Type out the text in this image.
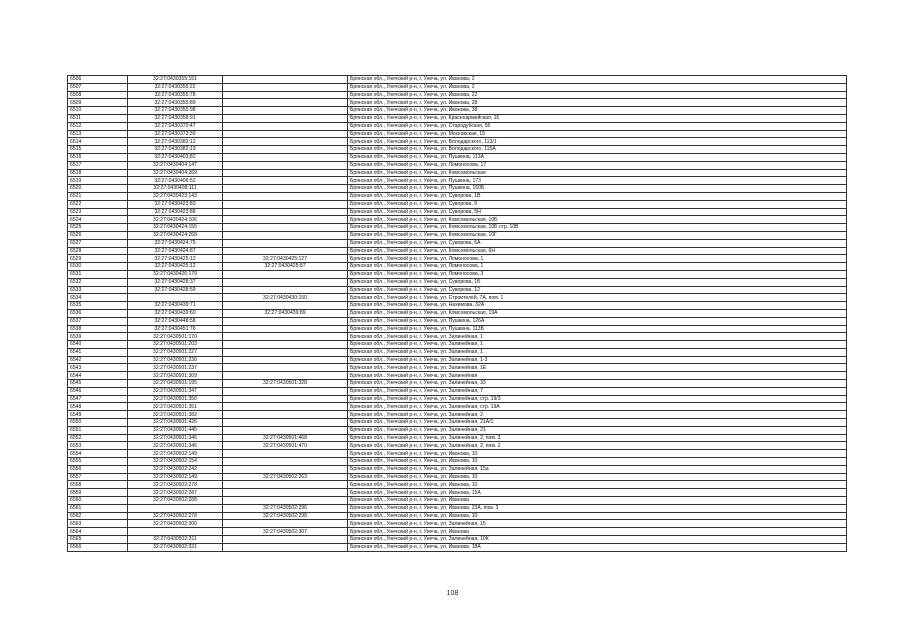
6506	32:27:0430355:151		Брянская обл., Унечский р-н, г. Унеча, ул. Иванова, 2
6507	32:27:0430355:22		Брянская обл., Унечский р-н, г. Унеча, ул. Иванова, 2
6508	32:27:0430355:78		Брянская обл., Унечский р-н, г. Унеча, ул. Иванова, 22
6509	32:27:0430355:89		Брянская обл., Унечский р-н, г. Унеча, ул. Иванова, 28
6510	32:27:0430355:98		Брянская обл., Унечский р-н, г. Унеча, ул. Иванова, 38
6511	32:27:0430358:91		Брянская обл., Унечский р-н, г. Унеча, ул. Красноармейская, 16
6512	32:27:0430370:47		Брянская обл., Унечский р-н, г. Унеча, ул. Стародубская, 56
6513	32:27:0430373:39		Брянская обл., Унечский р-н, г. Унеча, ул. Московская, 15
6514	32:27:0430382:12		Брянская обл., Унечский р-н, г. Унеча, ул. Володарского, 113/1
6515	32:27:0430382:19		Брянская обл., Унечский р-н, г. Унеча, ул. Володарского, 115А
6516	32:27:0430403:82		Брянская обл., Унечский р-н, г. Унеча, ул. Пушкина, 113А
6517	32:27:0430404:147		Брянская обл., Унечский р-н, г. Унеча, ул. Ломоносова, 17
6518	32:27:0430404:269		Брянская обл., Унечский р-н, г. Унеча, ул. Комсомольская
6519	32:27:0430406:52		Брянская обл., Унечский р-н, г. Унеча, ул. Пушкина, 173
6520	32:27:0430408:111		Брянская обл., Унечский р-н, г. Унеча, ул. Пушкина, 150Б
6521	32:27:0430423:143		Брянская обл., Унечский р-н, г. Унеча, ул. Суворова, 1В
6522	32:27:0430423:83		Брянская обл., Унечский р-н, г. Унеча, ул. Суворова, 9
6523	32:27:0430423:88		Брянская обл., Унечский р-н, г. Унеча, ул. Суворова, 5Н
6524	32:27:0430424:106		Брянская обл., Унечский р-н, г. Унеча, ул. Комсомольская, 10Б
6525	32:27:0430424:155		Брянская обл., Унечский р-н, г. Унеча, ул. Комсомольская, 10Б стр. 10В
6526	32:27:0430424:268		Брянская обл., Унечский р-н, г. Унеча, ул. Комсомольская, 10Г
6527	32:27:0430424:75		Брянская обл., Унечский р-н, г. Унеча, ул. Суворова, 6А
6528	32:27:0430424:87		Брянская обл., Унечский р-н, г. Унеча, ул. Комсомольская, 6Н
6529	32:27:0430425:12	32:27:0430425:127	Брянская обл., Унечский р-н, г. Унеча, ул. Ломоносова, 1
6530	32:27:0430425:12	32:27:0430425:87	Брянская обл., Унечский р-н, г. Унеча, ул. Ломоносова, 1
6531	32:27:0430426:179		Брянская обл., Унечский р-н, г. Унеча, ул. Ломоносова, 3
6532	32:27:0430428:37		Брянская обл., Унечский р-н, г. Унеча, ул. Суворова, 1Б
6533	32:27:0430428:59		Брянская обл., Унечский р-н, г. Унеча, ул. Суворова, 12
6534		32:27:0430430:150	Брянская обл., Унечский р-н, г. Унеча, ул. Строителей, 7А, пом. 1
6535	32:27:0430439:71		Брянская обл., Унечский р-н, г. Унеча, ул. Нахимова, 32А
6536	32:27:0430439:60	32:27:0430439:89	Брянская обл., Унечский р-н, г. Унеча, ул. Комсомольская, 19А
6537	32:27:0430448:58		Брянская обл., Унечский р-н, г. Унеча, ул. Пушкина, 126А
6538	32:27:0430451:76		Брянская обл., Унечский р-н, г. Унеча, ул. Пушкина, 113Б
6539	32:27:0430501:170		Брянская обл., Унечский р-н, г. Унеча, ул. Залинейная, 1
6540	32:27:0430501:203		Брянская обл., Унечский р-н, г. Унеча, ул. Залинейная, 1
6541	32:27:0430501:227		Брянская обл., Унечский р-н, г. Унеча, ул. Залинейная, 1
6542	32:27:0430501:230		Брянская обл., Унечский р-н, г. Унеча, ул. Залинейная, 1-3
6543	32:27:0430501:237		Брянская обл., Унечский р-н, г. Унеча, ул. Залинейная, 1Е
6544	32:27:0430501:309		Брянская обл., Унечский р-н, г. Унеча, ул. Залинейная
6545	32:27:0430501:195	32:27:0430501:328	Брянская обл., Унечский р-н, г. Унеча, ул. Залинейная, 33
6546	32:27:0430501:347		Брянская обл., Унечский р-н, г. Унеча, ул. Залинейная, 7
6547	32:27:0430501:350		Брянская обл., Унечский р-н, г. Унеча, ул. Залинейная, стр. 19/3
6548	32:27:0430501:351		Брянская обл., Унечский р-н, г. Унеча, ул. Залинейная, стр. 19А
6549	32:27:0430501:382		Брянская обл., Унечский р-н, г. Унеча, ул. Залинейная, 2
6550	32:27:0430501:426		Брянская обл., Унечский р-н, г. Унеча, ул. Залинейная, 21А/1
6551	32:27:0430501:445		Брянская обл., Унечский р-н, г. Унеча, ул. Залинейная, 21
6552	32:27:0430501:346	32:27:0430501:468	Брянская обл., Унечский р-н, г. Унеча, ул. Залинейная, 2, пом. 3
6553	32:27:0430501:346	32:27:0430501:470	Брянская обл., Унечский р-н, г. Унеча, ул. Залинейная, 2, пом. 2
6554	32:27:0430502:149		Брянская обл., Унечский р-н, г. Унеча, ул. Иванова, 10
6555	32:27:0430502:154		Брянская обл., Унечский р-н, г. Унеча, ул. Иванова, 10
6556	32:27:0430502:242		Брянская обл., Унечский р-н, г. Унеча, ул. Залинейная, 15а
6557	32:27:0430502:149	32:27:0430502:263	Брянская обл., Унечский р-н, г. Унеча, ул. Иванова, 10
6558	32:27:0430502:278		Брянская обл., Унечский р-н, г. Унеча, ул. Иванова, 10
6559	32:27:0430502:287		Брянская обл., Унечский р-н, г. Унеча, ул. Иванова, 15А
6560	32:27:0430502:288		Брянская обл., Унечский р-н, г. Унеча, ул. Иванова
6561		32:27:0430502:296	Брянская обл., Унечский р-н, г. Унеча, ул. Иванова, 23А, пом. 3
6562	32:27:0430502:278	32:27:0430502:298	Брянская обл., Унечский р-н, г. Унеча, ул. Иванова, 10
6563	32:27:0430502:300		Брянская обл., Унечский р-н, г. Унеча, ул. Залинейная, 15
6564		32:27:0430502:307	Брянская обл., Унечский р-н, г. Унеча, ул. Иванова
6565	32:27:0430502:311		Брянская обл., Унечский р-н, г. Унеча, ул. Залинейная, 10К
6566	32:27:0430502:331		Брянская обл., Унечский р-н, г. Унеча, ул. Иванова, 18А
108
